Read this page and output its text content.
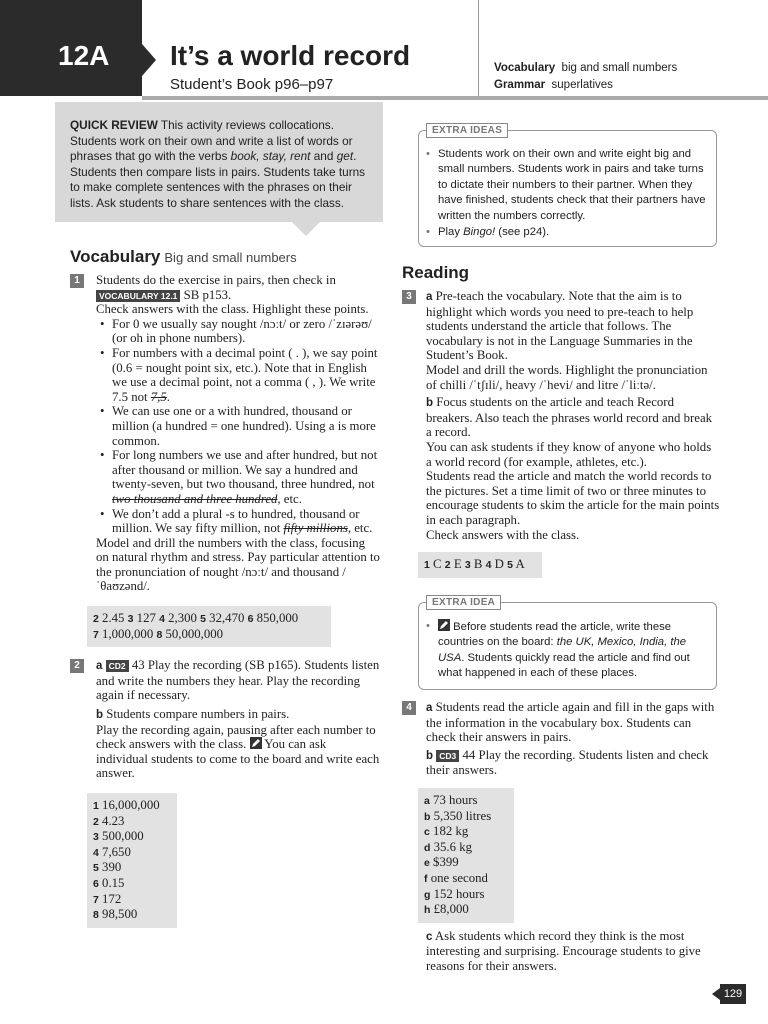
12A	It’s a world record
Student’s Book p96–p97
Vocabulary big and small numbers
Grammar superlatives
QUICK REVIEW This activity reviews collocations. Students work on their own and write a list of words or phrases that go with the verbs book, stay, rent and get. Students then compare lists in pairs. Students take turns to make complete sentences with the phrases on their lists. Ask students to share sentences with the class.
EXTRA IDEAS
• Students work on their own and write eight big and small numbers. Students work in pairs and take turns to dictate their numbers to their partner. When they have finished, students check that their partners have written the numbers correctly.
• Play Bingo! (see p24).
Vocabulary Big and small numbers
1	Students do the exercise in pairs, then check in
VOCABULARY 12.1 SB p153.
Check answers with the class. Highlight these points.
• For 0 we usually say nought /nɔːt/ or zero /ˈzɪərəʊ/ (or oh in phone numbers).
• For numbers with a decimal point ( . ), we say point (0.6 = nought point six, etc.). Note that in English we use a decimal point, not a comma ( , ). We write 7.5 not 7,5.
• We can use one or a with hundred, thousand or million (a hundred = one hundred). Using a is more common.
• For long numbers we use and after hundred, but not after thousand or million. We say a hundred and twenty-seven, but two thousand, three hundred, not two thousand and three hundred, etc.
• We don’t add a plural -s to hundred, thousand or million. We say fifty million, not fifty millions, etc.
Model and drill the numbers with the class, focusing on natural rhythm and stress. Pay particular attention to the pronunciation of nought /nɔːt/ and thousand /ˈθaʊzənd/.
2 2.45 3 127 4 2,300 5 32,470 6 850,000
7 1,000,000 8 50,000,000
2	a CD2 43 Play the recording (SB p165). Students listen and write the numbers they hear. Play the recording again if necessary.
b Students compare numbers in pairs.
Play the recording again, pausing after each number to check answers with the class. You can ask individual students to come to the board and write each answer.
1 16,000,000
2 4.23
3 500,000
4 7,650
5 390
6 0.15
7 172
8 98,500
Reading
3	a Pre-teach the vocabulary. Note that the aim is to highlight which words you need to pre-teach to help students understand the article that follows. The vocabulary is not in the Language Summaries in the Student’s Book.
Model and drill the words. Highlight the pronunciation of chilli /ˈtʃɪli/, heavy /ˈhevi/ and litre /ˈliːtə/.
b Focus students on the article and teach Record breakers. Also teach the phrases world record and break a record.
You can ask students if they know of anyone who holds a world record (for example, athletes, etc.).
Students read the article and match the world records to the pictures. Set a time limit of two or three minutes to encourage students to skim the article for the main points in each paragraph.
Check answers with the class.
1 C 2 E 3 B 4 D 5 A
EXTRA IDEA
• Before students read the article, write these countries on the board: the UK, Mexico, India, the USA. Students quickly read the article and find out what happened in each of these places.
4	a Students read the article again and fill in the gaps with the information in the vocabulary box. Students can check their answers in pairs.
b CD3 44 Play the recording. Students listen and check their answers.
a 73 hours
b 5,350 litres
c 182 kg
d 35.6 kg
e $399
f one second
g 152 hours
h £8,000
c Ask students which record they think is the most interesting and surprising. Encourage students to give reasons for their answers.
129
